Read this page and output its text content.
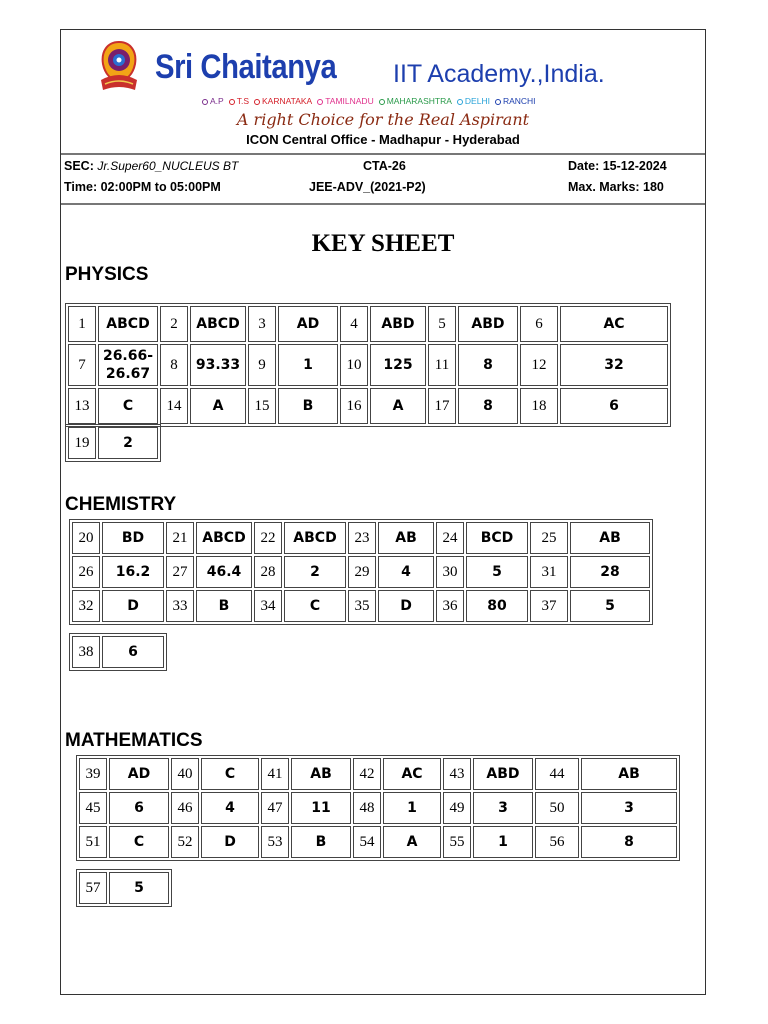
Sri Chaitanya	IIT Academy.,India.
A.P T.S KARNATAKA TAMILNADU MAHARASHTRA DELHI RANCHI
A right Choice for the Real Aspirant
ICON Central Office - Madhapur - Hyderabad
SEC: Jr.Super60_NUCLEUS BT	CTA-26	Date: 15-12-2024
Time: 02:00PM to 05:00PM	JEE-ADV_(2021-P2)	Max. Marks: 180
KEY SHEET
PHYSICS
1	ABCD	2	ABCD	3	AD	4	ABD	5	ABD	6	AC
7	26.66-26.67	8	93.33	9	1	10	125	11	8	12	32
13	C	14	A	15	B	16	A	17	8	18	6
19	2
CHEMISTRY
20	BD	21	ABCD	22	ABCD	23	AB	24	BCD	25	AB
26	16.2	27	46.4	28	2	29	4	30	5	31	28
32	D	33	B	34	C	35	D	36	80	37	5
38	6
MATHEMATICS
39	AD	40	C	41	AB	42	AC	43	ABD	44	AB
45	6	46	4	47	11	48	1	49	3	50	3
51	C	52	D	53	B	54	A	55	1	56	8
57	5
